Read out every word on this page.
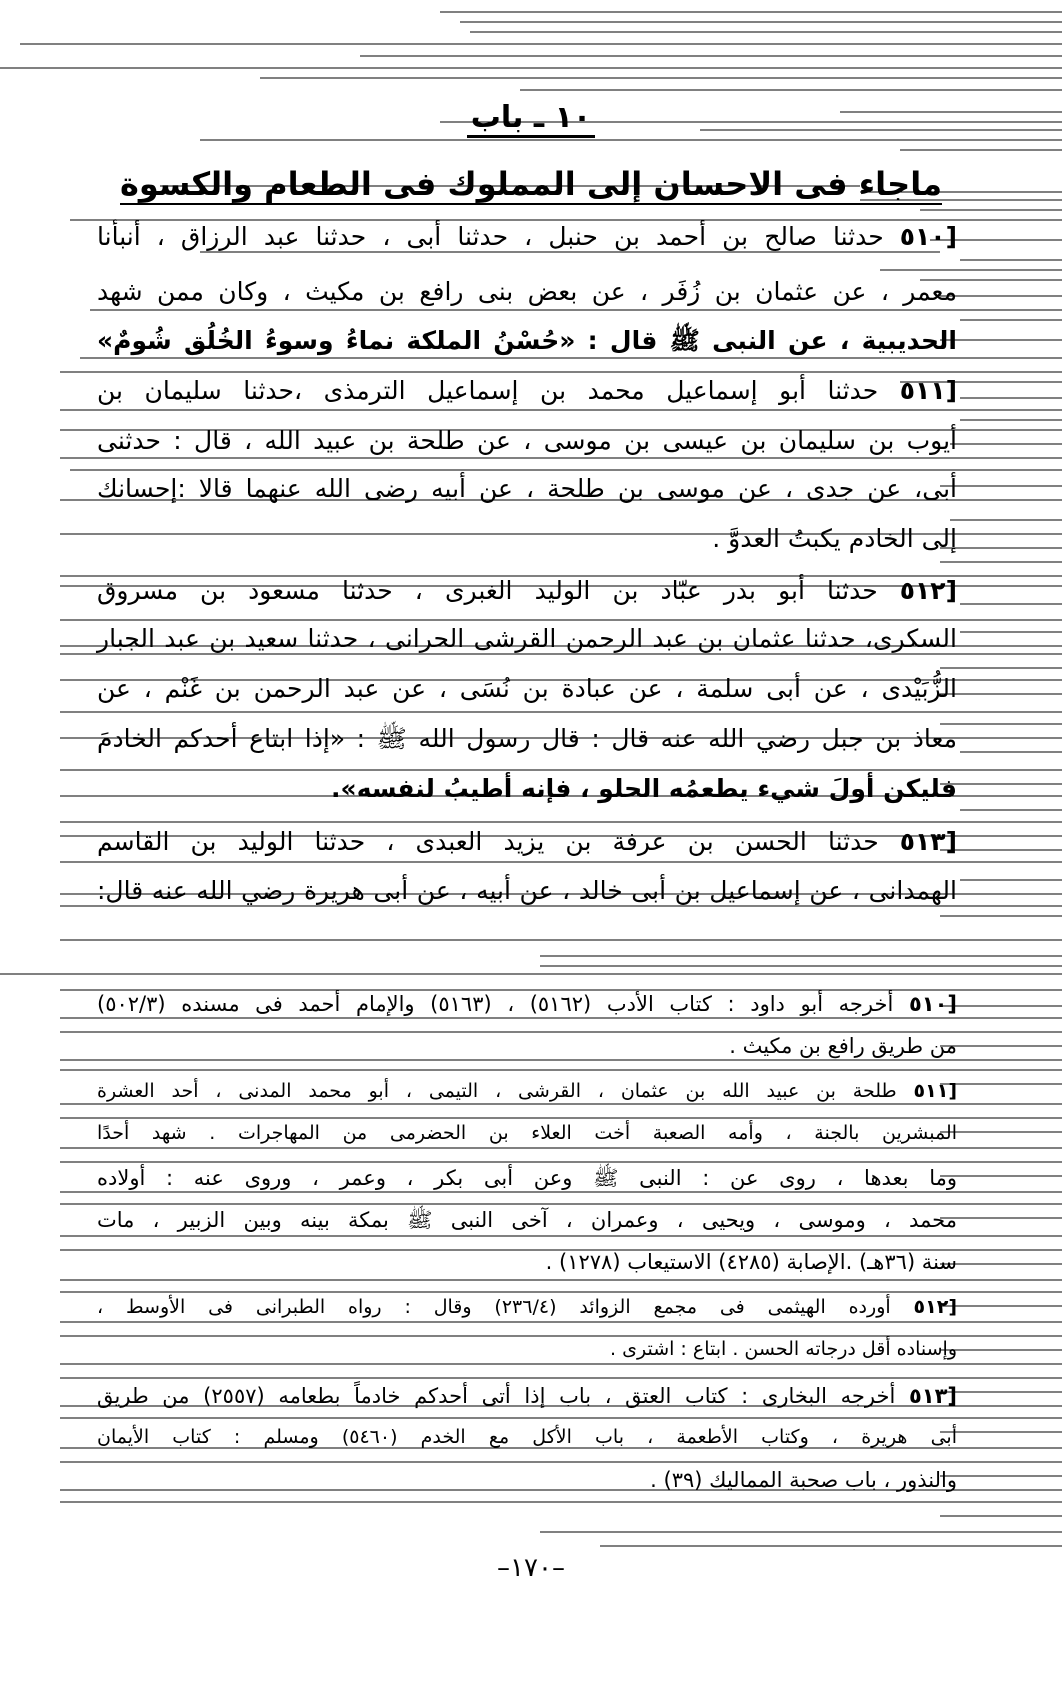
١٠ ـ باب
ماجاء فى الاحسان إلى المملوك فى الطعام والكسوة
[٥١٠ حدثنا صالح بن أحمد بن حنبل ، حدثنا أبى ، حدثنا عبد الرزاق ، أنبأنا
معمر ، عن عثمان بن زُفَر ، عن بعض بنى رافع بن مكيث ، وكان ممن شهد
الحديبية ، عن النبى ﷺ قال : «حُسْنُ الملكة نماءُ وسوءُ الخُلُق شُومٌ»
[٥١١ حدثنا أبو إسماعيل محمد بن إسماعيل الترمذى ،حدثنا سليمان بن
أيوب بن سليمان بن عيسى بن موسى ، عن طلحة بن عبيد الله ، قال : حدثنى
أبى، عن جدى ، عن موسى بن طلحة ، عن أبيه رضى الله عنهما قالا :إحسانك
إلى الخادم يكبتُ العدوَّ .
[٥١٢ حدثنا أبو بدر عبّاد بن الوليد الغبرى ، حدثنا مسعود بن مسروق
السكرى، حدثنا عثمان بن عبد الرحمن القرشى الحرانى ، حدثنا سعيد بن عبد الجبار
الزُّبَيْدى ، عن أبى سلمة ، عن عبادة بن نُسَى ، عن عبد الرحمن بن غَنْم ، عن
معاذ بن جبل رضي الله عنه قال : قال رسول الله ﷺ : «إذا ابتاع أحدكم الخادمَ
فليكن أولَ شيء يطعمُه الحلو ، فإنه أطيبُ لنفسه».
[٥١٣ حدثنا الحسن بن عرفة بن يزيد العبدى ، حدثنا الوليد بن القاسم
الهمدانى ، عن إسماعيل بن أبى خالد ، عن أبيه ، عن أبى هريرة رضي الله عنه قال:
[٥١٠ أخرجه أبو داود : كتاب الأدب (٥١٦٢) ، (٥١٦٣) والإمام أحمد فى مسنده (٥٠٢/٣)
من طريق رافع بن مكيث .
[٥١١ طلحة بن عبيد الله بن عثمان ، القرشى ، التيمى ، أبو محمد المدنى ، أحد العشرة
المبشرين بالجنة ، وأمه الصعبة أخت العلاء بن الحضرمى من المهاجرات . شهد أحدًا
وما بعدها ، روى عن : النبى ﷺ وعن أبى بكر ، وعمر ، وروى عنه : أولاده
محمد ، وموسى ، ويحيى ، وعمران ، آخى النبى ﷺ بمكة بينه وبين الزبير ، مات
سنة (٣٦هـ) .الإصابة (٤٢٨٥) الاستيعاب (١٢٧٨) .
[٥١٢ أورده الهيثمى فى مجمع الزوائد (٢٣٦/٤) وقال : رواه الطبرانى فى الأوسط ،
وإسناده أقل درجاته الحسن . ابتاع : اشترى .
[٥١٣ أخرجه البخارى : كتاب العتق ، باب إذا أتى أحدكم خادماً بطعامه (٢٥٥٧) من طريق
أبى هريرة ، وكتاب الأطعمة ، باب الأكل مع الخدم (٥٤٦٠) ومسلم : كتاب الأيمان
والنذور ، باب صحبة المماليك (٣٩) .
–١٧٠–
